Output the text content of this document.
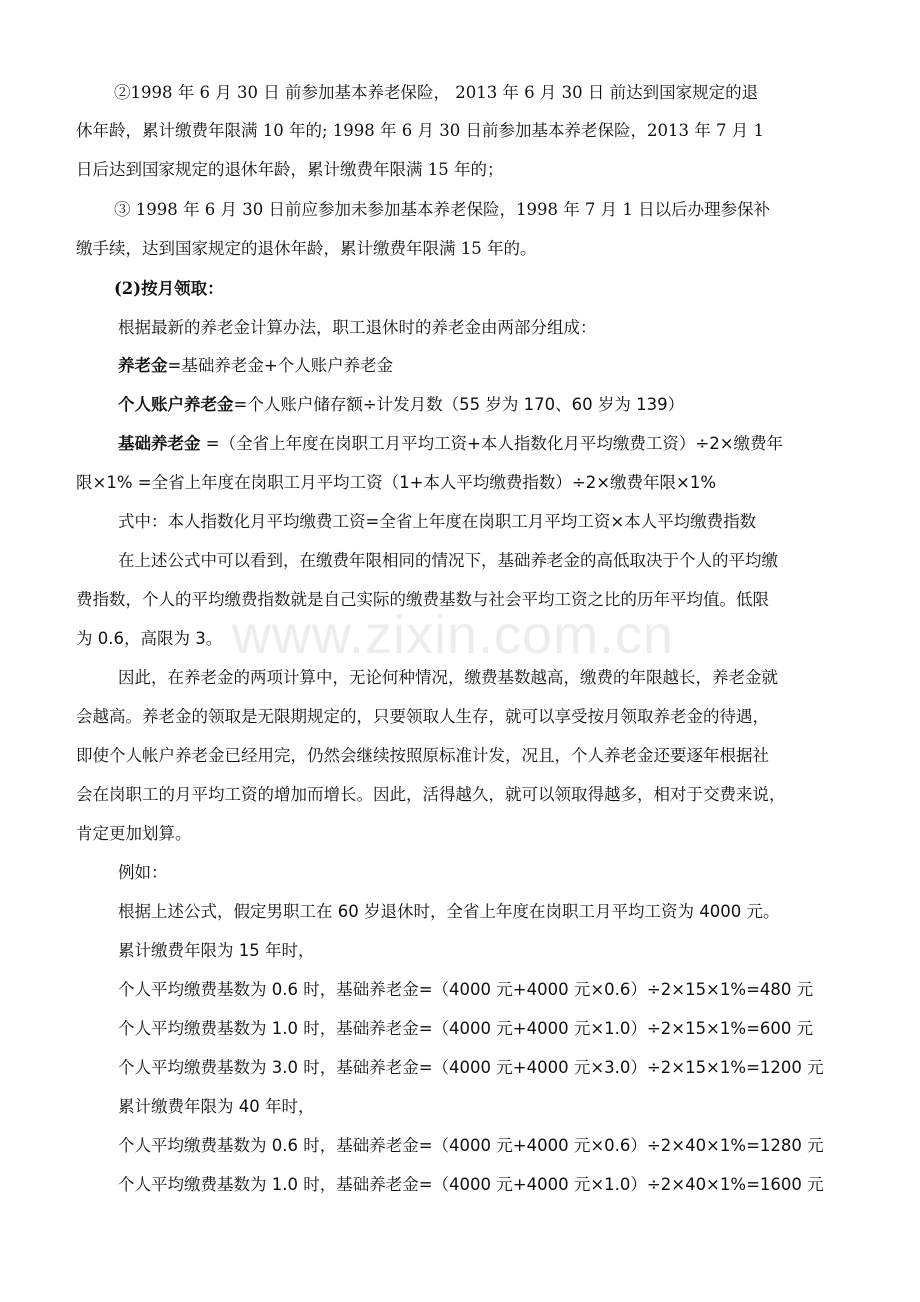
www.zixin.com.cn
②1998 年 6 月 30 日 前参加基本养老保险， 2013 年 6 月 30 日 前达到国家规定的退
休年龄，累计缴费年限满 10 年的; 1998 年 6 月 30 日前参加基本养老保险，2013 年 7 月 1
日后达到国家规定的退休年龄，累计缴费年限满 15 年的；
③ 1998 年 6 月 30 日前应参加未参加基本养老保险，1998 年 7 月 1 日以后办理参保补
缴手续，达到国家规定的退休年龄，累计缴费年限满 15 年的。
(2)按月领取：
根据最新的养老金计算办法，职工退休时的养老金由两部分组成：
养老金=基础养老金+个人账户养老金
个人账户养老金=个人账户储存额÷计发月数（55 岁为 170、60 岁为 139）
基础养老金 =（全省上年度在岗职工月平均工资+本人指数化月平均缴费工资）÷2×缴费年
限×1% =全省上年度在岗职工月平均工资（1+本人平均缴费指数）÷2×缴费年限×1%
式中：本人指数化月平均缴费工资=全省上年度在岗职工月平均工资×本人平均缴费指数
在上述公式中可以看到，在缴费年限相同的情况下，基础养老金的高低取决于个人的平均缴
费指数，个人的平均缴费指数就是自己实际的缴费基数与社会平均工资之比的历年平均值。低限
为 0.6，高限为 3。
因此，在养老金的两项计算中，无论何种情况，缴费基数越高，缴费的年限越长，养老金就
会越高。养老金的领取是无限期规定的，只要领取人生存，就可以享受按月领取养老金的待遇，
即使个人帐户养老金已经用完，仍然会继续按照原标准计发，况且，个人养老金还要逐年根据社
会在岗职工的月平均工资的增加而增长。因此，活得越久，就可以领取得越多，相对于交费来说，
肯定更加划算。
例如：
根据上述公式，假定男职工在 60 岁退休时，全省上年度在岗职工月平均工资为 4000 元。
累计缴费年限为 15 年时，
个人平均缴费基数为 0.6 时，基础养老金=（4000 元+4000 元×0.6）÷2×15×1%=480 元
个人平均缴费基数为 1.0 时，基础养老金=（4000 元+4000 元×1.0）÷2×15×1%=600 元
个人平均缴费基数为 3.0 时，基础养老金=（4000 元+4000 元×3.0）÷2×15×1%=1200 元
累计缴费年限为 40 年时，
个人平均缴费基数为 0.6 时，基础养老金=（4000 元+4000 元×0.6）÷2×40×1%=1280 元
个人平均缴费基数为 1.0 时，基础养老金=（4000 元+4000 元×1.0）÷2×40×1%=1600 元
